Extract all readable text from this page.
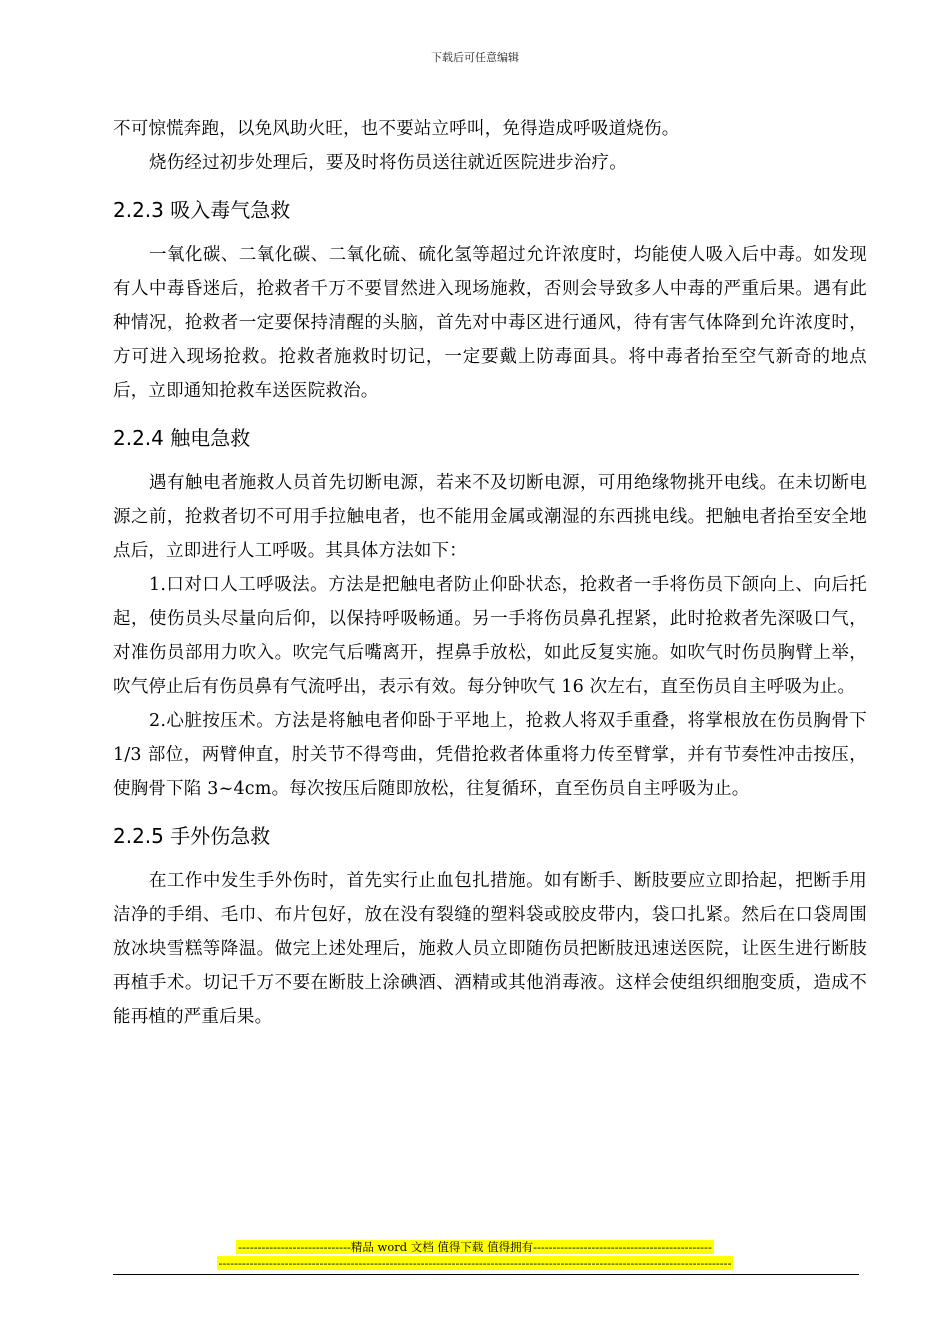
下载后可任意编辑

不可惊慌奔跑，以免风助火旺，也不要站立呼叫，免得造成呼吸道烧伤。

烧伤经过初步处理后，要及时将伤员送往就近医院进步治疗。

2.2.3 吸入毒气急救

一氧化碳、二氧化碳、二氧化硫、硫化氢等超过允许浓度时，均能使人吸入后中毒。如发现有人中毒昏迷后，抢救者千万不要冒然进入现场施救，否则会导致多人中毒的严重后果。遇有此种情况，抢救者一定要保持清醒的头脑，首先对中毒区进行通风，待有害气体降到允许浓度时，方可进入现场抢救。抢救者施救时切记，一定要戴上防毒面具。将中毒者抬至空气新奇的地点后，立即通知抢救车送医院救治。

2.2.4 触电急救

遇有触电者施救人员首先切断电源，若来不及切断电源，可用绝缘物挑开电线。在未切断电源之前，抢救者切不可用手拉触电者，也不能用金属或潮湿的东西挑电线。把触电者抬至安全地点后，立即进行人工呼吸。其具体方法如下：

1.口对口人工呼吸法。方法是把触电者防止仰卧状态，抢救者一手将伤员下颌向上、向后托起，使伤员头尽量向后仰，以保持呼吸畅通。另一手将伤员鼻孔捏紧，此时抢救者先深吸口气，对准伤员部用力吹入。吹完气后嘴离开，捏鼻手放松，如此反复实施。如吹气时伤员胸臂上举，吹气停止后有伤员鼻有气流呼出，表示有效。每分钟吹气 16 次左右，直至伤员自主呼吸为止。

2.心脏按压术。方法是将触电者仰卧于平地上，抢救人将双手重叠，将掌根放在伤员胸骨下 1/3 部位，两臂伸直，肘关节不得弯曲，凭借抢救者体重将力传至臂掌，并有节奏性冲击按压，使胸骨下陷 3~4cm。每次按压后随即放松，往复循环，直至伤员自主呼吸为止。

2.2.5 手外伤急救

在工作中发生手外伤时，首先实行止血包扎措施。如有断手、断肢要应立即拾起，把断手用洁净的手绢、毛巾、布片包好，放在没有裂缝的塑料袋或胶皮带内，袋口扎紧。然后在口袋周围放冰块雪糕等降温。做完上述处理后，施救人员立即随伤员把断肢迅速送医院，让医生进行断肢再植手术。切记千万不要在断肢上涂碘酒、酒精或其他消毒液。这样会使组织细胞变质，造成不能再植的严重后果。

-----------------------------精品 word 文档 值得下载 值得拥有----------------------------------------------
------------------------------------------------------------------------------------------------------------------------------------
